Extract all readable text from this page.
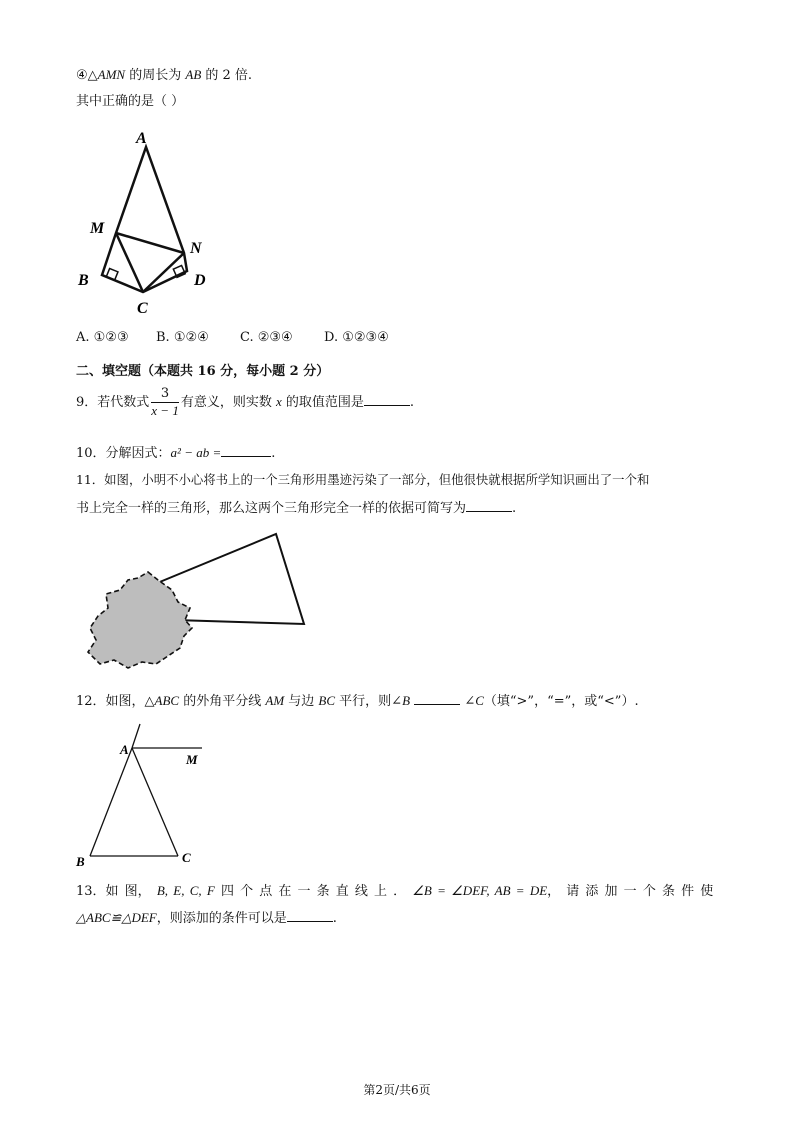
④△AMN 的周长为 AB 的 2 倍.
其中正确的是（ ）
A
M
N
B	D
C
A. ①②③ B. ①②④ C. ②③④ D. ①②③④
二、填空题（本题共 16 分，每小题 2 分）
9．若代数式 $\frac{3}{x - 1}$ 有意义，则实数 x 的取值范围是	.
10．分解因式：a² − ab =	.
11．如图，小明不小心将书上的一个三角形用墨迹污染了一部分，但他很快就根据所学知识画出了一个和
书上完全一样的三角形，那么这两个三角形完全一样的依据可简写为	.
12．如图，△ABC 的外角平分线 AM 与边 BC 平行，则∠B	∠C（填“>”，“=”，或“<”）.
A
M
B	C
13．如 图， B, E, C, F 四 个 点 在 一 条 直 线 上 ． ∠B = ∠DEF, AB = DE， 请 添 加 一 个 条 件 使
△ABC≌△DEF，则添加的条件可以是	.
第2页/共6页
